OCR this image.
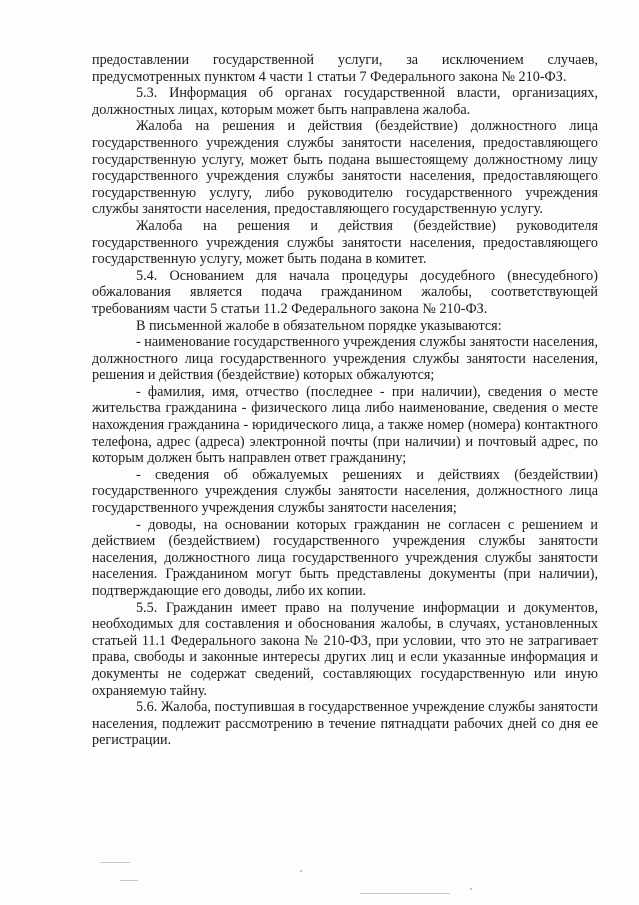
предоставлении государственной услуги, за исключением случаев, предусмотренных пунктом 4 части 1 статьи 7 Федерального закона № 210-ФЗ.

5.3. Информация об органах государственной власти, организациях, должностных лицах, которым может быть направлена жалоба.

Жалоба на решения и действия (бездействие) должностного лица государственного учреждения службы занятости населения, предоставляющего государственную услугу, может быть подана вышестоящему должностному лицу государственного учреждения службы занятости населения, предоставляющего государственную услугу, либо руководителю государственного учреждения службы занятости населения, предоставляющего государственную услугу.

Жалоба на решения и действия (бездействие) руководителя государственного учреждения службы занятости населения, предоставляющего государственную услугу, может быть подана в комитет.

5.4. Основанием для начала процедуры досудебного (внесудебного) обжалования является подача гражданином жалобы, соответствующей требованиям части 5 статьи 11.2 Федерального закона № 210-ФЗ.

В письменной жалобе в обязательном порядке указываются:

- наименование государственного учреждения службы занятости населения, должностного лица государственного учреждения службы занятости населения, решения и действия (бездействие) которых обжалуются;

- фамилия, имя, отчество (последнее - при наличии), сведения о месте жительства гражданина - физического лица либо наименование, сведения о месте нахождения гражданина - юридического лица, а также номер (номера) контактного телефона, адрес (адреса) электронной почты (при наличии) и почтовый адрес, по которым должен быть направлен ответ гражданину;

- сведения об обжалуемых решениях и действиях (бездействии) государственного учреждения службы занятости населения, должностного лица государственного учреждения службы занятости населения;

- доводы, на основании которых гражданин не согласен с решением и действием (бездействием) государственного учреждения службы занятости населения, должностного лица государственного учреждения службы занятости населения. Гражданином могут быть представлены документы (при наличии), подтверждающие его доводы, либо их копии.

5.5. Гражданин имеет право на получение информации и документов, необходимых для составления и обоснования жалобы, в случаях, установленных статьей 11.1 Федерального закона № 210-ФЗ, при условии, что это не затрагивает права, свободы и законные интересы других лиц и если указанные информация и документы не содержат сведений, составляющих государственную или иную охраняемую тайну.

5.6. Жалоба, поступившая в государственное учреждение службы занятости населения, подлежит рассмотрению в течение пятнадцати рабочих дней со дня ее регистрации.
